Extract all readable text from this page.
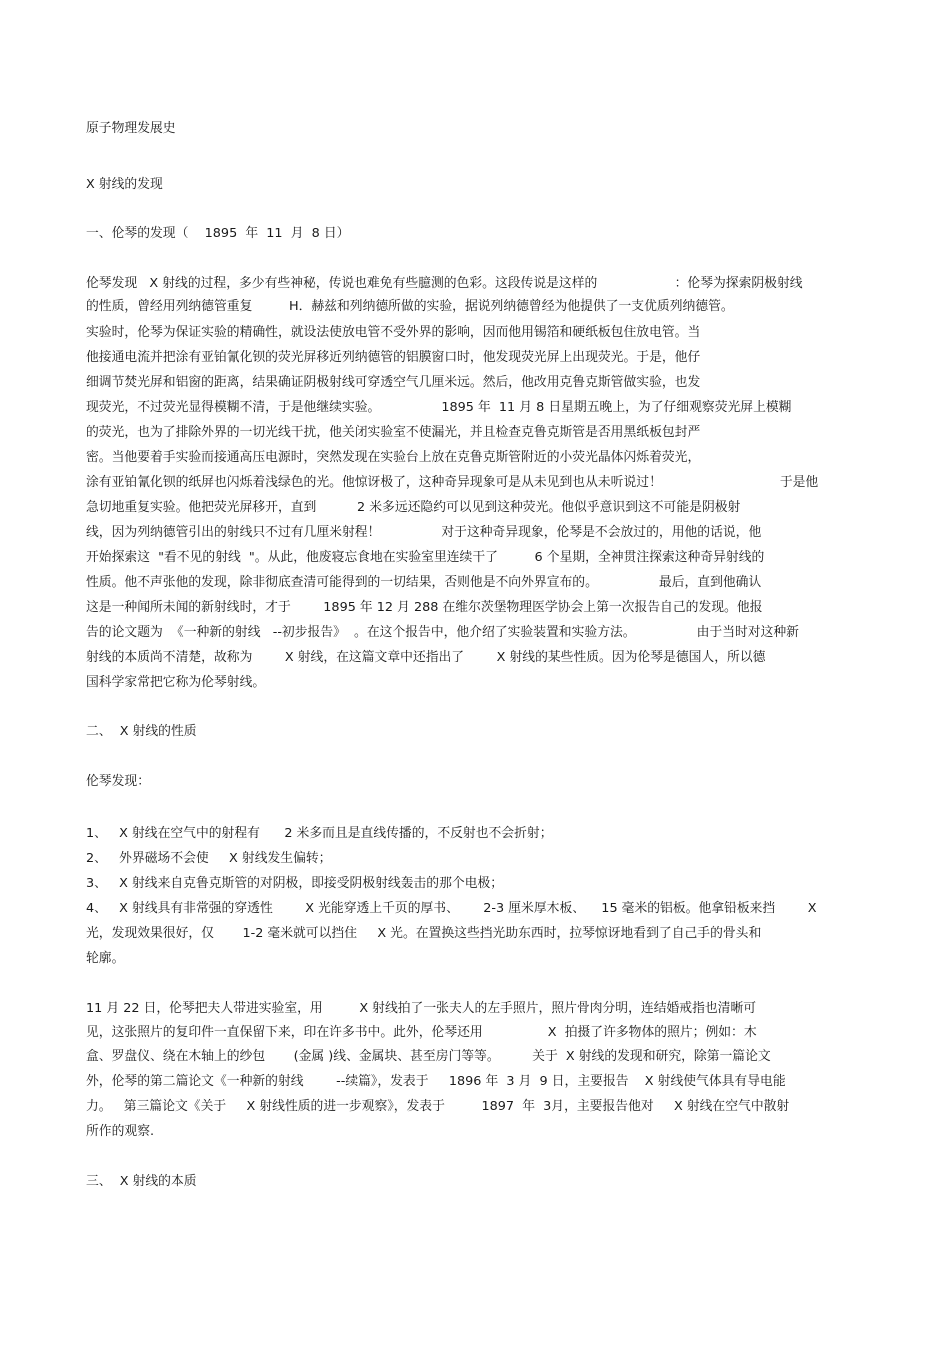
原子物理发展史

X 射线的发现

一、伦琴的发现（    1895  年  11  月  8 日）

伦琴发现   X 射线的过程，多少有些神秘，传说也难免有些臆测的色彩。这段传说是这样的                   ：伦琴为探索阴极射线

的性质，曾经用列纳德管重复         H．赫兹和列纳德所做的实验，据说列纳德曾经为他提供了一支优质列纳德管。

实验时，伦琴为保证实验的精确性，就设法使放电管不受外界的影响，因而他用锡箔和硬纸板包住放电管。当

他接通电流并把涂有亚铂氰化钡的荧光屏移近列纳德管的铝膜窗口时，他发现荧光屏上出现荧光。于是，他仔

细调节焚光屏和铝窗的距离，结果确证阴极射线可穿透空气几厘米远。然后，他改用克鲁克斯管做实验，也发

现荧光，不过荧光显得模糊不清，于是他继续实验。               1895 年  11 月 8 日星期五晚上，为了仔细观察荧光屏上模糊

的荧光，也为了排除外界的一切光线干扰，他关闭实验室不使漏光，并且检查克鲁克斯管是否用黑纸板包封严

密。当他要着手实验而接通高压电源时，突然发现在实验台上放在克鲁克斯管附近的小荧光晶体闪烁着荧光，

涂有亚铂氰化钡的纸屏也闪烁着浅绿色的光。他惊讶极了，这种奇异现象可是从未见到也从未听说过！                             于是他

急切地重复实验。他把荧光屏移开，直到          2 米多远还隐约可以见到这种荧光。他似乎意识到这不可能是阴极射

线，因为列纳德管引出的射线只不过有几厘米射程！               对于这种奇异现象，伦琴是不会放过的，用他的话说，他

开始探索这  "看不见的射线  "。从此，他废寝忘食地在实验室里连续干了         6 个星期，全神贯注探索这种奇异射线的

性质。他不声张他的发现，除非彻底查清可能得到的一切结果，否则他是不向外界宣布的。               最后，直到他确认

这是一种闻所未闻的新射线时，才于        1895 年 12 月 288 在维尔茨堡物理医学协会上第一次报告自己的发现。他报

告的论文题为  《一种新的射线   --初步报告》  。在这个报告中，他介绍了实验装置和实验方法。               由于当时对这种新

射线的本质尚不清楚，故称为        X 射线，在这篇文章中还指出了        X 射线的某些性质。因为伦琴是德国人，所以德

国科学家常把它称为伦琴射线。

二、  X 射线的性质

伦琴发现：

1、   X 射线在空气中的射程有      2 米多而且是直线传播的，不反射也不会折射；

2、   外界磁场不会使     X 射线发生偏转；

3、   X 射线来自克鲁克斯管的对阴极，即接受阴极射线轰击的那个电极；

4、   X 射线具有非常强的穿透性        X 光能穿透上千页的厚书、      2-3 厘米厚木板、    15 毫米的铝板。他拿铅板来挡        X

光，发现效果很好，仅       1-2 毫米就可以挡住     X 光。在置换这些挡光助东西时，拉琴惊讶地看到了自己手的骨头和

轮廓。

11 月 22 日，伦琴把夫人带进实验室，用         X 射线拍了一张夫人的左手照片，照片骨肉分明，连结婚戒指也清晰可

见，这张照片的复印件一直保留下来，印在许多书中。此外，伦琴还用                X  拍摄了许多物体的照片；例如：木

盒、罗盘仪、绕在木轴上的纱包       (金属 )线、金属块、甚至房门等等。        关于  X 射线的发现和研究，除第一篇论文

外，伦琴的第二篇论文《一种新的射线        --续篇》，发表于     1896 年  3 月  9 日，主要报告    X 射线使气体具有导电能

力。   第三篇论文《关于     X 射线性质的进一步观察》，发表于         1897  年  3月，主要报告他对     X 射线在空气中散射

所作的观察.

三、  X 射线的本质
